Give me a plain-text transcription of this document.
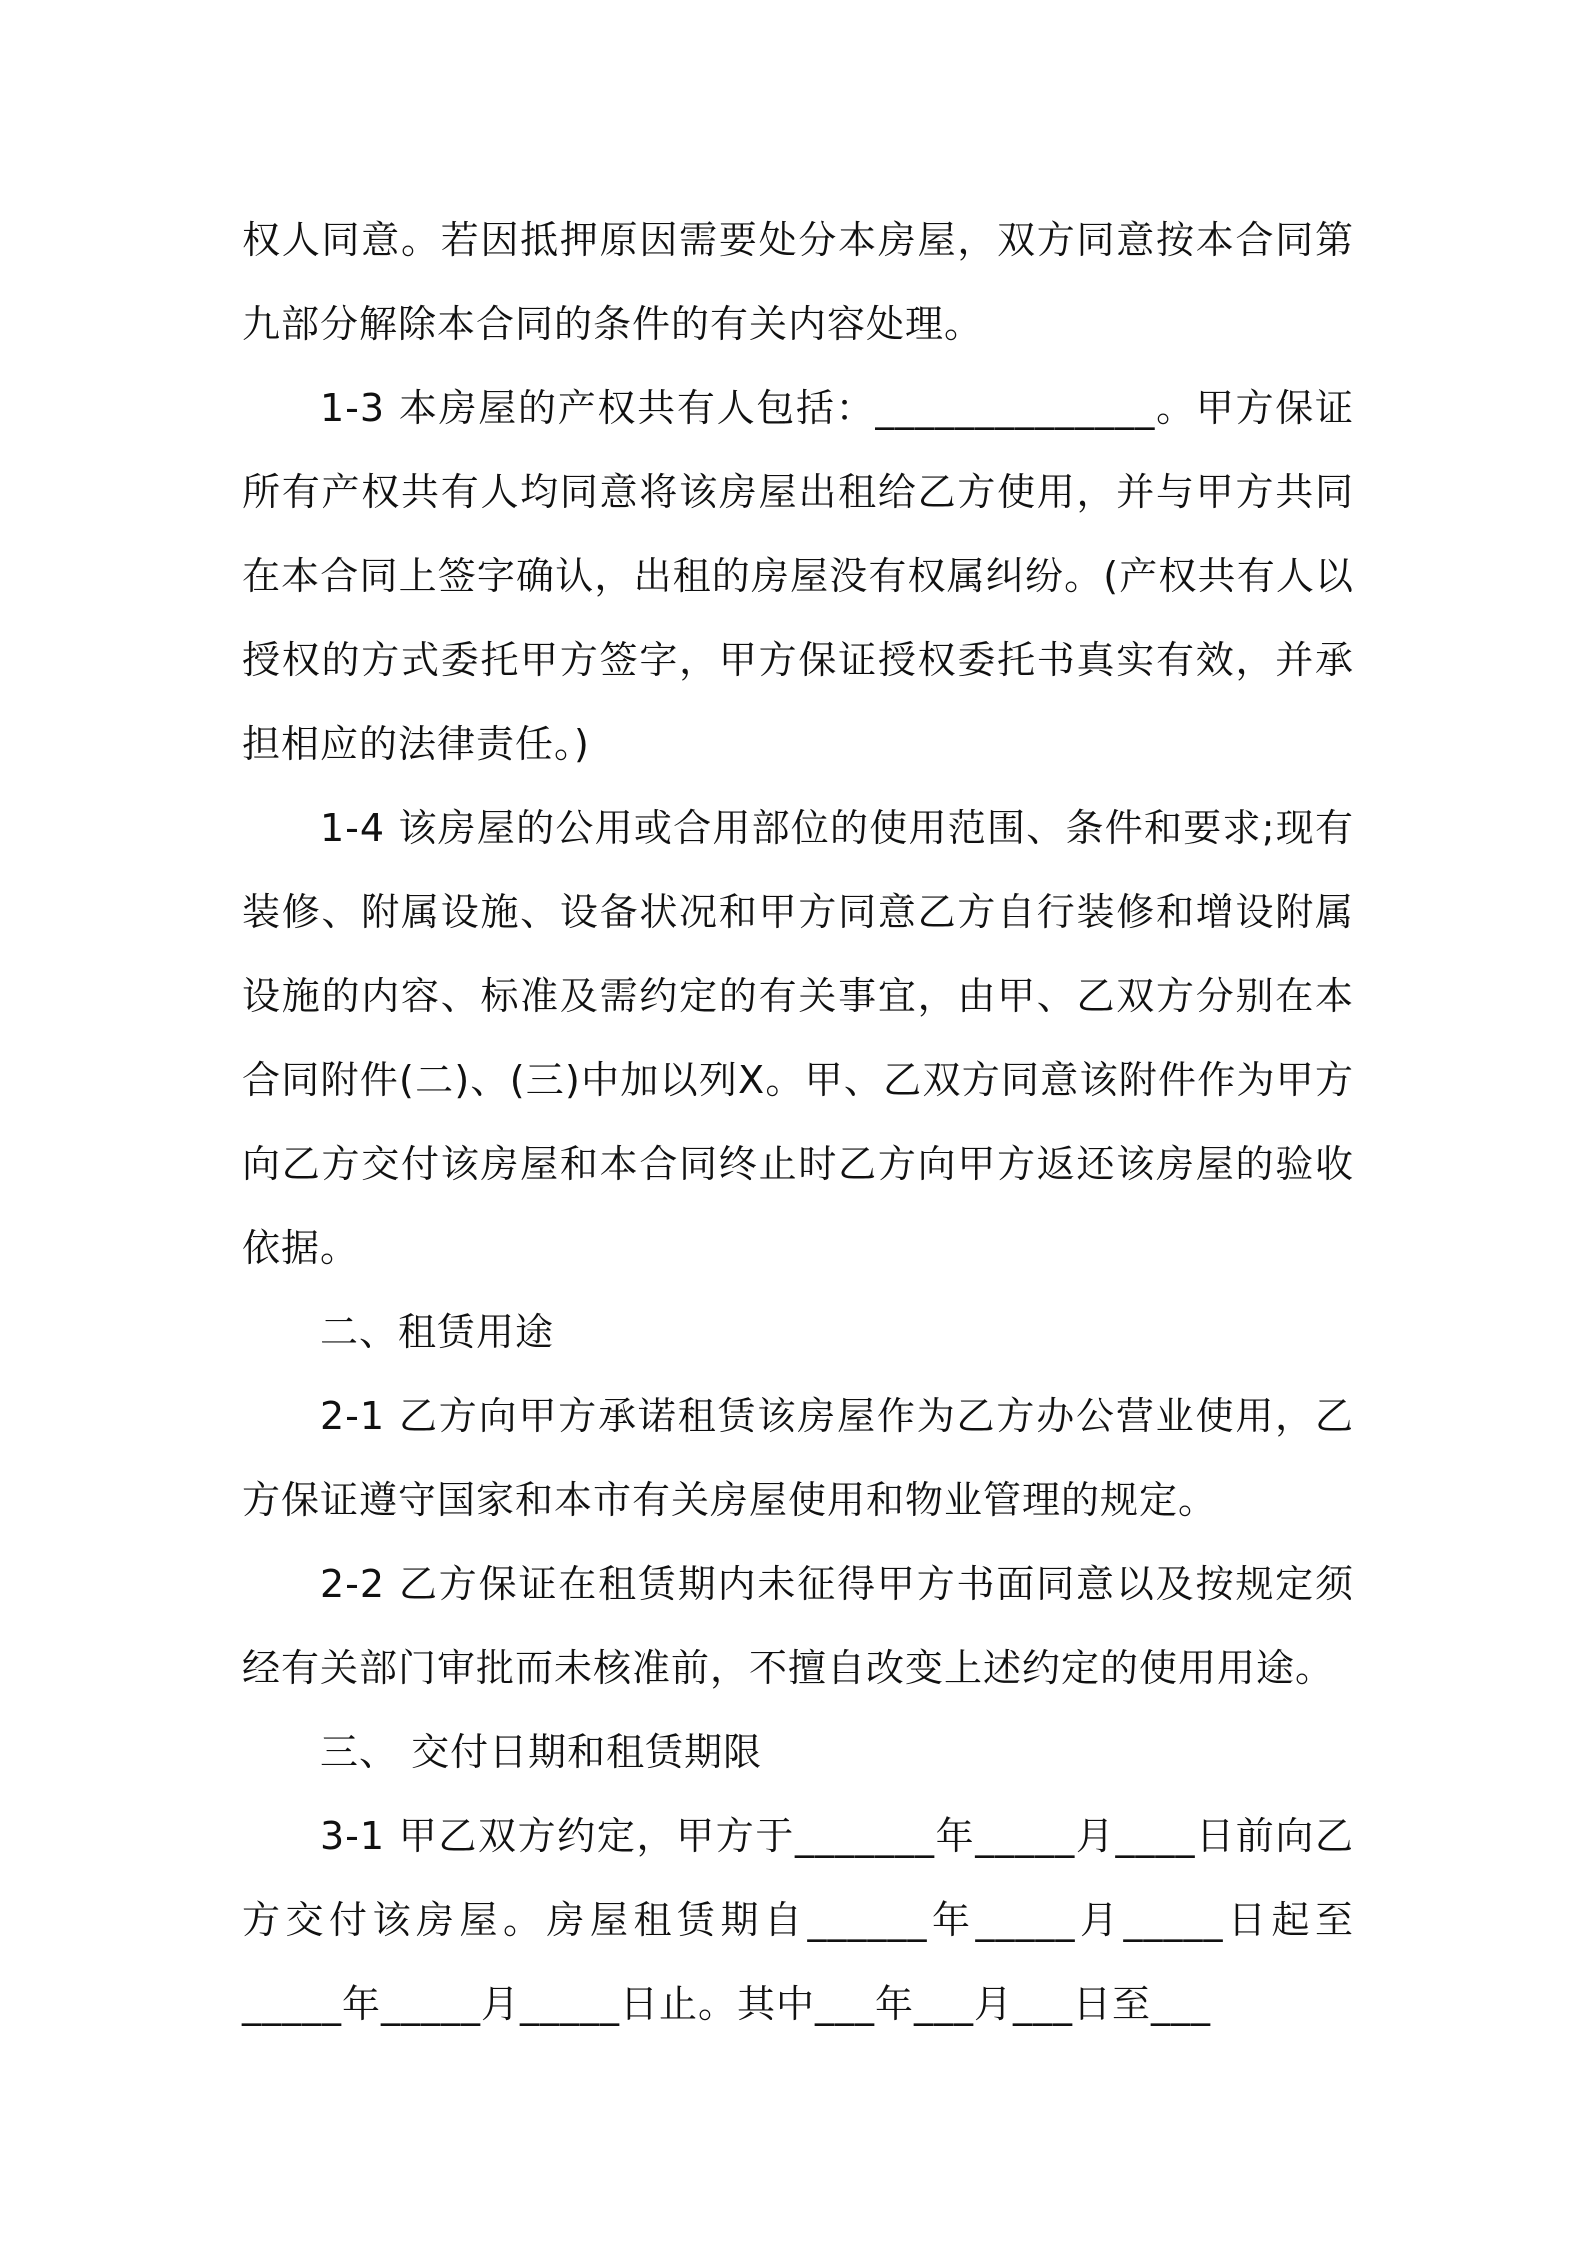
权人同意。若因抵押原因需要处分本房屋，双方同意按本合同第九部分解除本合同的条件的有关内容处理。

1-3 本房屋的产权共有人包括：______________。甲方保证所有产权共有人均同意将该房屋出租给乙方使用，并与甲方共同在本合同上签字确认，出租的房屋没有权属纠纷。(产权共有人以授权的方式委托甲方签字，甲方保证授权委托书真实有效，并承担相应的法律责任。)

1-4 该房屋的公用或合用部位的使用范围、条件和要求;现有装修、附属设施、设备状况和甲方同意乙方自行装修和增设附属设施的内容、标准及需约定的有关事宜，由甲、乙双方分别在本合同附件(二)、(三)中加以列X。甲、乙双方同意该附件作为甲方向乙方交付该房屋和本合同终止时乙方向甲方返还该房屋的验收依据。

二、租赁用途

2-1 乙方向甲方承诺租赁该房屋作为乙方办公营业使用，乙方保证遵守国家和本市有关房屋使用和物业管理的规定。

2-2 乙方保证在租赁期内未征得甲方书面同意以及按规定须经有关部门审批而未核准前，不擅自改变上述约定的使用用途。

三、 交付日期和租赁期限

3-1 甲乙双方约定，甲方于_______年_____月____日前向乙方交付该房屋。房屋租赁期自______年_____月_____日起至_____年_____月_____日止。其中___年___月___日至___
